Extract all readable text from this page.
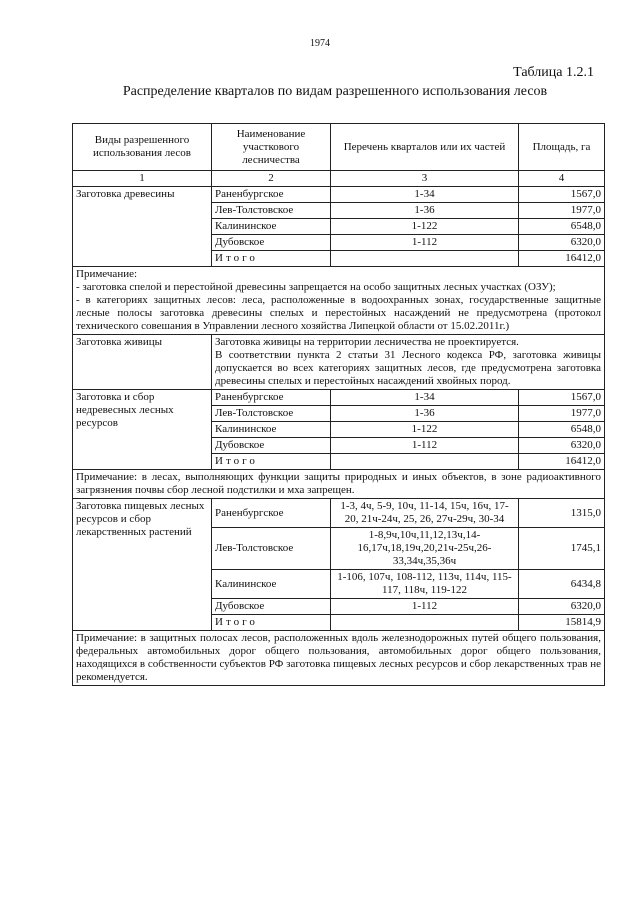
1974
Таблица 1.2.1
Распределение кварталов по видам разрешенного использования лесов
Виды разрешенного использования лесов	Наименование участкового лесничества	Перечень кварталов или их частей	Площадь, га
1	2	3	4
Заготовка древесины	Раненбургское	1-34	1567,0
	Лев-Толстовское	1-36	1977,0
	Калининское	1-122	6548,0
	Дубовское	1-112	6320,0
	Итого		16412,0
Примечание:
- заготовка спелой и перестойной древесины запрещается на особо защитных лесных участках (ОЗУ);
- в категориях защитных лесов: леса, расположенные в водоохранных зонах, государственные защитные лесные полосы заготовка древесины спелых и перестойных насаждений не предусмотрена (протокол технического совешания в Управлении лесного хозяйства Липецкой области от 15.02.2011г.)			
Заготовка живицы	Заготовка живицы на территории лесничества не проектируется.
В соответствии пункта 2 статьи 31 Лесного кодекса РФ, заготовка живицы допускается во всех категориях защитных лесов, где предусмотрена заготовка древесины спелых и перестойных насаждений хвойных пород.		
Заготовка и сбор недревесных лесных ресурсов	Раненбургское	1-34	1567,0
	Лев-Толстовское	1-36	1977,0
	Калининское	1-122	6548,0
	Дубовское	1-112	6320,0
	Итого		16412,0
Примечание: в лесах, выполняющих функции защиты природных и иных объектов, в зоне радиоактивного загрязнения почвы сбор лесной подстилки и мха запрещен.			
Заготовка пищевых лесных ресурсов и сбор лекарственных растений	Раненбургское	1-3, 4ч, 5-9, 10ч, 11-14, 15ч, 16ч, 17-20, 21ч-24ч, 25, 26, 27ч-29ч, 30-34	1315,0
	Лев-Толстовское	1-8,9ч,10ч,11,12,13ч,14-16,17ч,18,19ч,20,21ч-25ч,26-33,34ч,35,36ч	1745,1
	Калининское	1-106, 107ч, 108-112, 113ч, 114ч, 115-117, 118ч, 119-122	6434,8
	Дубовское	1-112	6320,0
	Итого		15814,9
Примечание: в защитных полосах лесов, расположенных вдоль железнодорожных путей общего пользования, федеральных автомобильных дорог общего пользования, автомобильных дорог общего пользования, находящихся в собственности субъектов РФ заготовка пищевых лесных ресурсов и сбор лекарственных трав не рекомендуется.			
